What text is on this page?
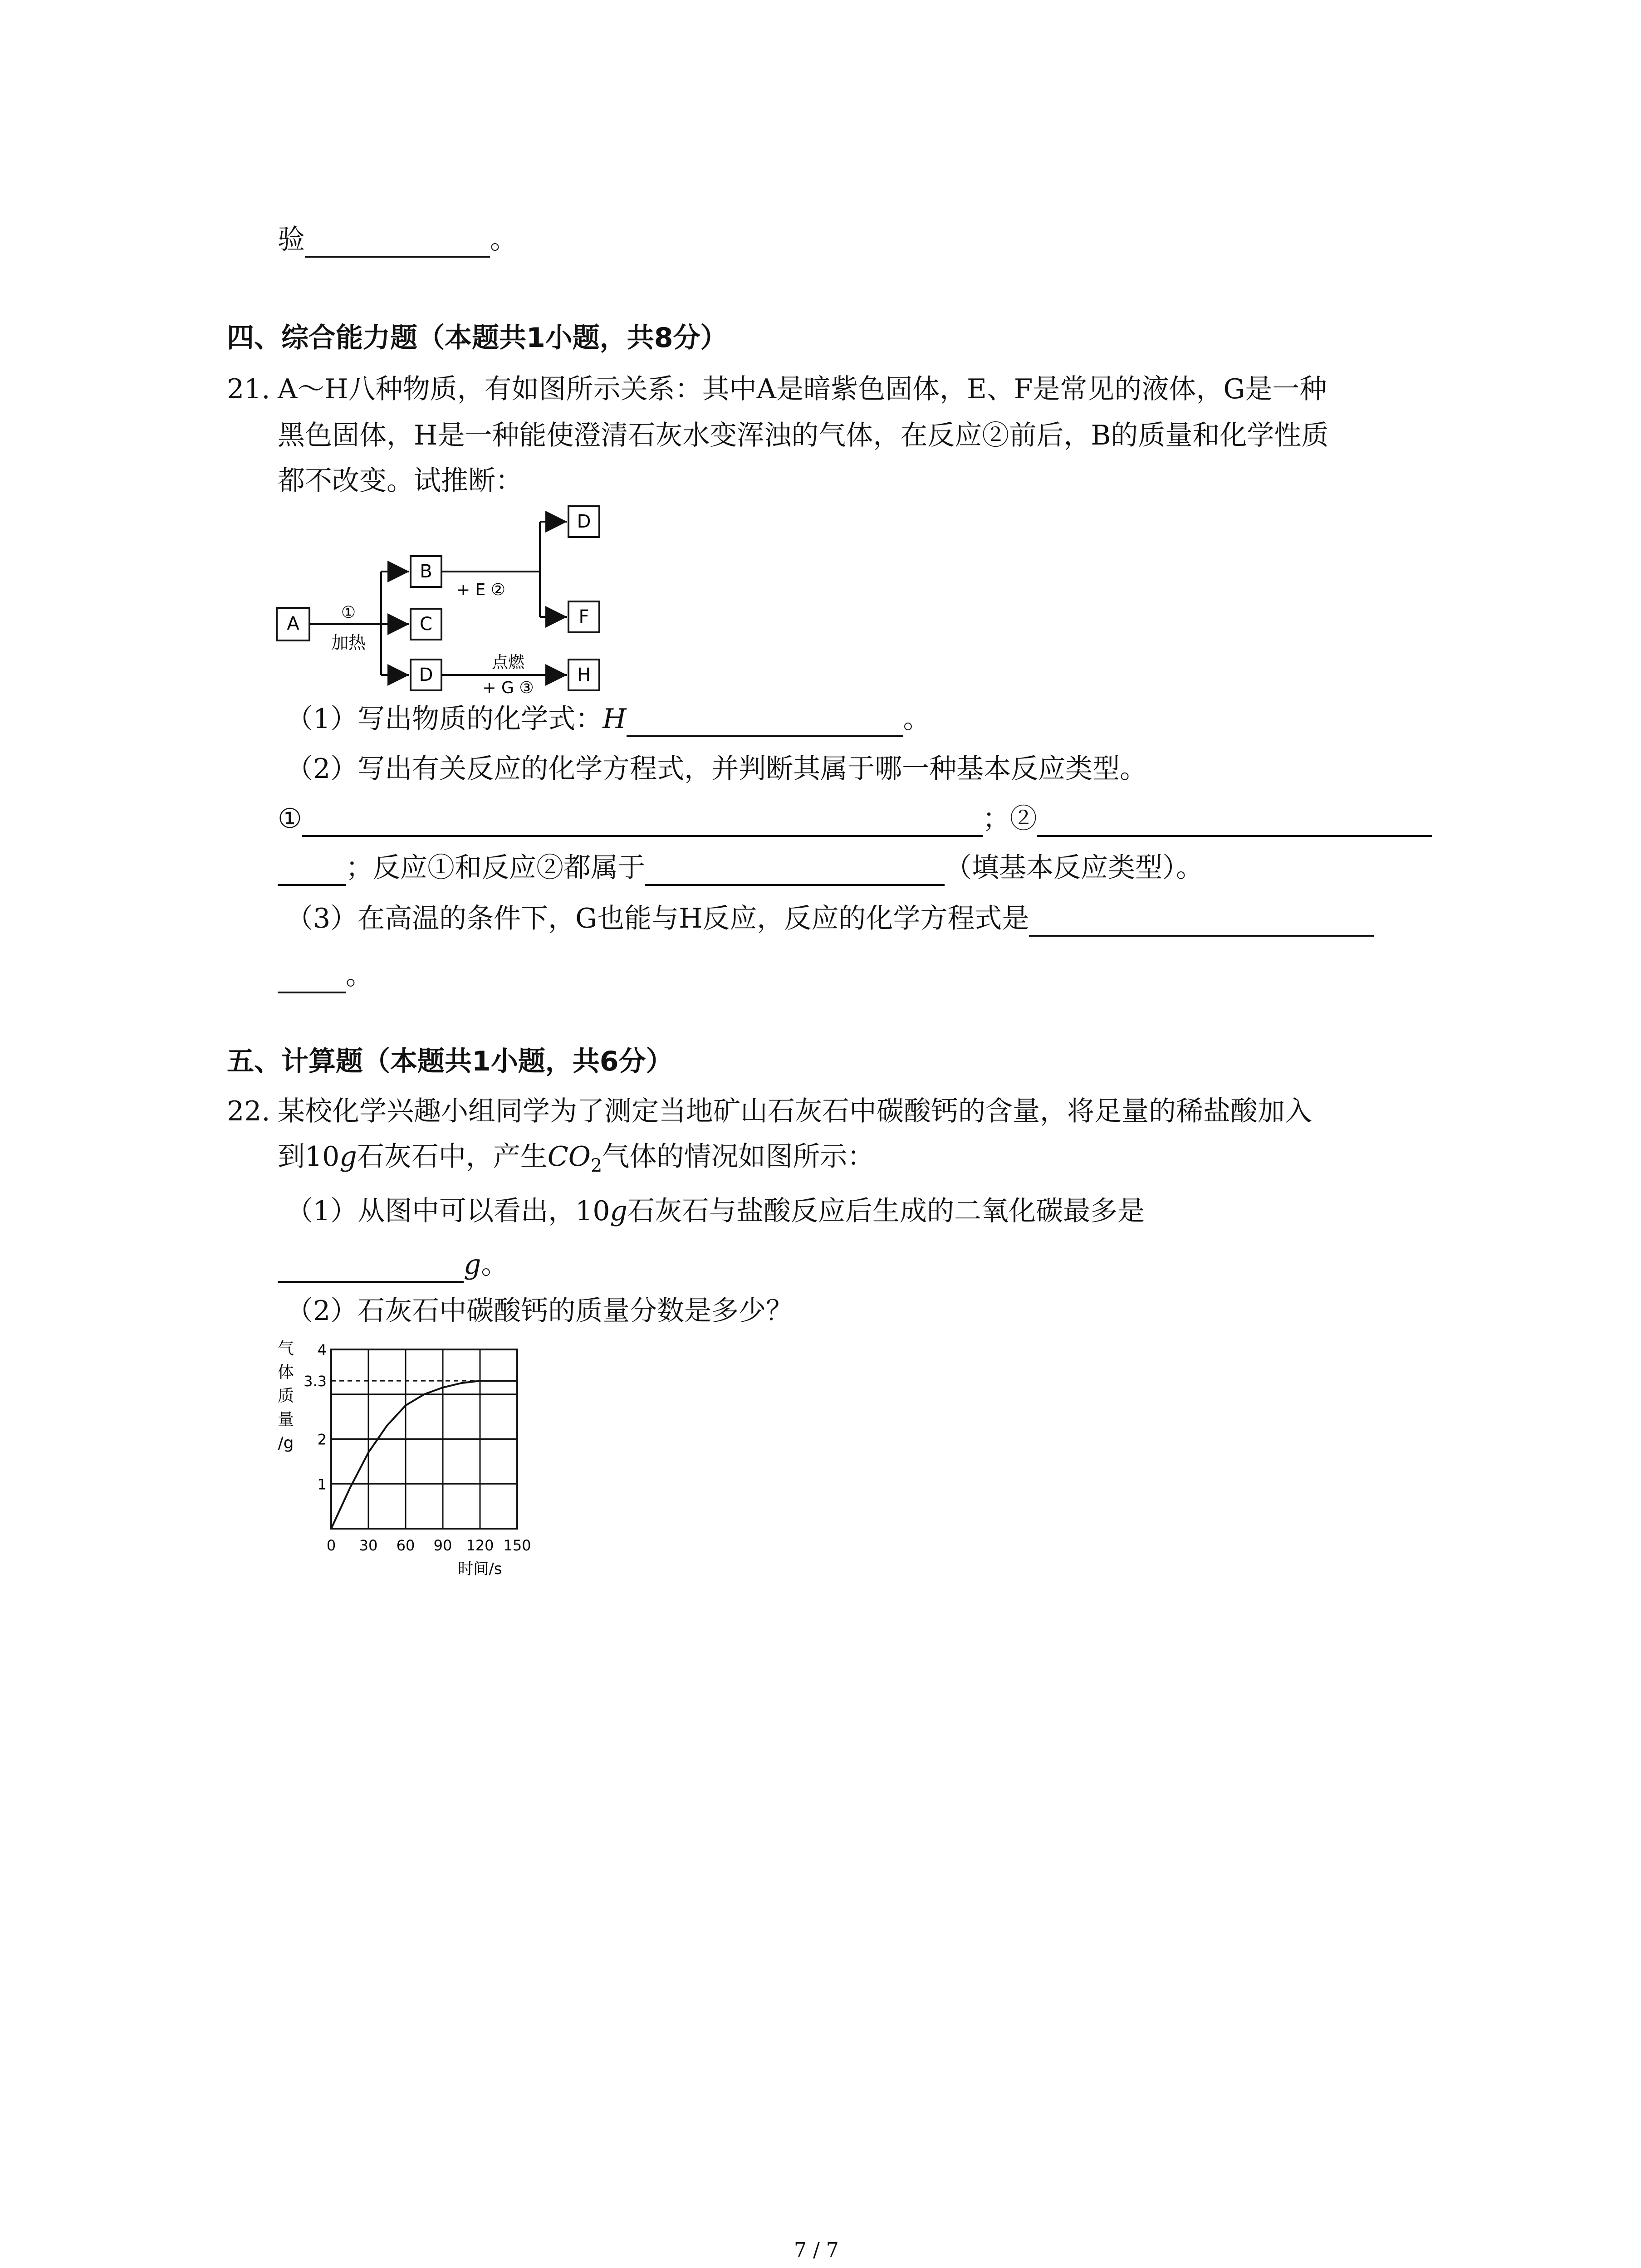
验	。
四、综合能力题（本题共1小题，共8分）
21. A～H八种物质，有如图所示关系：其中A是暗紫色固体，E、F是常见的液体，G是一种
黑色固体，H是一种能使澄清石灰水变浑浊的气体，在反应②前后，B的质量和化学性质
都不改变。试推断：
A
①
加热
B
C
D
+ E ②
D
F
点燃
+ G ③
H
（1）写出物质的化学式：H	。
（2）写出有关反应的化学方程式，并判断其属于哪一种基本反应类型。
①	；②
；反应①和反应②都属于	（填基本反应类型）。
（3）在高温的条件下，G也能与H反应，反应的化学方程式是
。
五、计算题（本题共1小题，共6分）
22. 某校化学兴趣小组同学为了测定当地矿山石灰石中碳酸钙的含量，将足量的稀盐酸加入
到10g石灰石中，产生$CO_2$气体的情况如图所示：
（1）从图中可以看出，10g石灰石与盐酸反应后生成的二氧化碳最多是
g。
（2）石灰石中碳酸钙的质量分数是多少？
气
体
质
量
/g
1
2
3.3
4
0 30 60 90 120 150
时间/s
7 / 7
